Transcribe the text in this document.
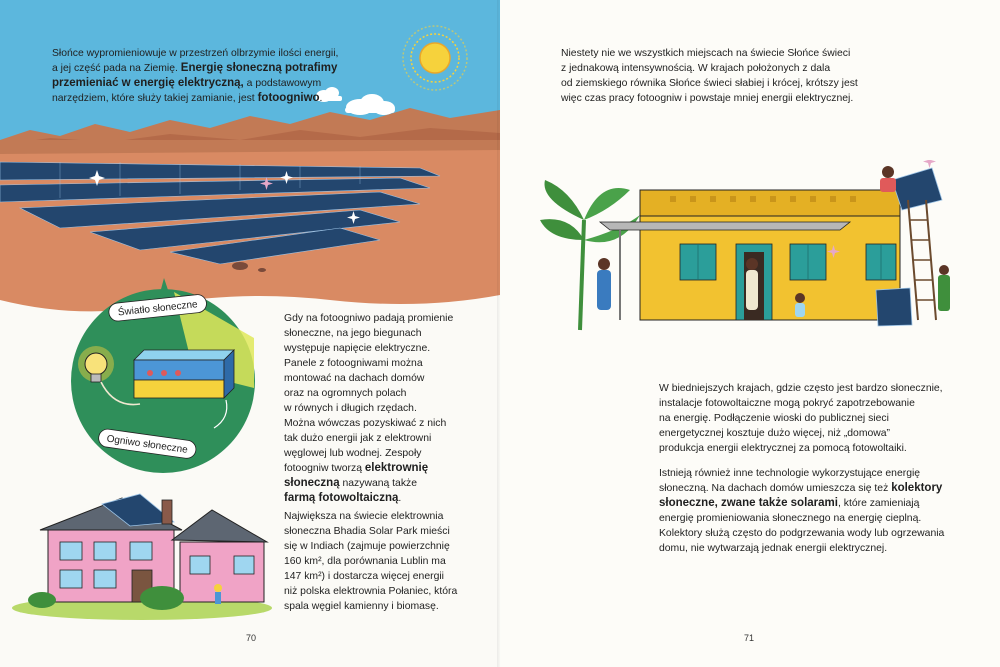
Słońce wypromieniowuje w przestrzeń olbrzymie ilości energii,
a jej część pada na Ziemię. Energię słoneczną potrafimy
przemieniać w energię elektryczną, a podstawowym
narzędziem, które służy takiej zamianie, jest fotoogniwo.
Światło słoneczne
Ogniwo słoneczne
Gdy na fotoogniwo padają promienie
słoneczne, na jego biegunach
występuje napięcie elektryczne.
Panele z fotoogniwami można
montować na dachach domów
oraz na ogromnych polach
w równych i długich rzędach.
Można wówczas pozyskiwać z nich
tak dużo energii jak z elektrowni
węglowej lub wodnej. Zespoły
fotoogniw tworzą elektrownię
słoneczną nazywaną także
farmą fotowoltaiczną.
Największa na świecie elektrownia
słoneczna Bhadia Solar Park mieści
się w Indiach (zajmuje powierzchnię
160 km², dla porównania Lublin ma
147 km²) i dostarcza więcej energii
niż polska elektrownia Połaniec, która
spala węgiel kamienny i biomasę.
70
Niestety nie we wszystkich miejscach na świecie Słońce świeci
z jednakową intensywnością. W krajach położonych z dala
od ziemskiego równika Słońce świeci słabiej i krócej, krótszy jest
więc czas pracy fotoogniw i powstaje mniej energii elektrycznej.
W biedniejszych krajach, gdzie często jest bardzo słonecznie,
instalacje fotowoltaiczne mogą pokryć zapotrzebowanie
na energię. Podłączenie wioski do publicznej sieci
energetycznej kosztuje dużo więcej, niż „domowa”
produkcja energii elektrycznej za pomocą fotowoltaiki.
Istnieją również inne technologie wykorzystujące energię
słoneczną. Na dachach domów umieszcza się też kolektory
słoneczne, zwane także solarami, które zamieniają
energię promieniowania słonecznego na energię cieplną.
Kolektory służą często do podgrzewania wody lub ogrzewania
domu, nie wytwarzają jednak energii elektrycznej.
71
